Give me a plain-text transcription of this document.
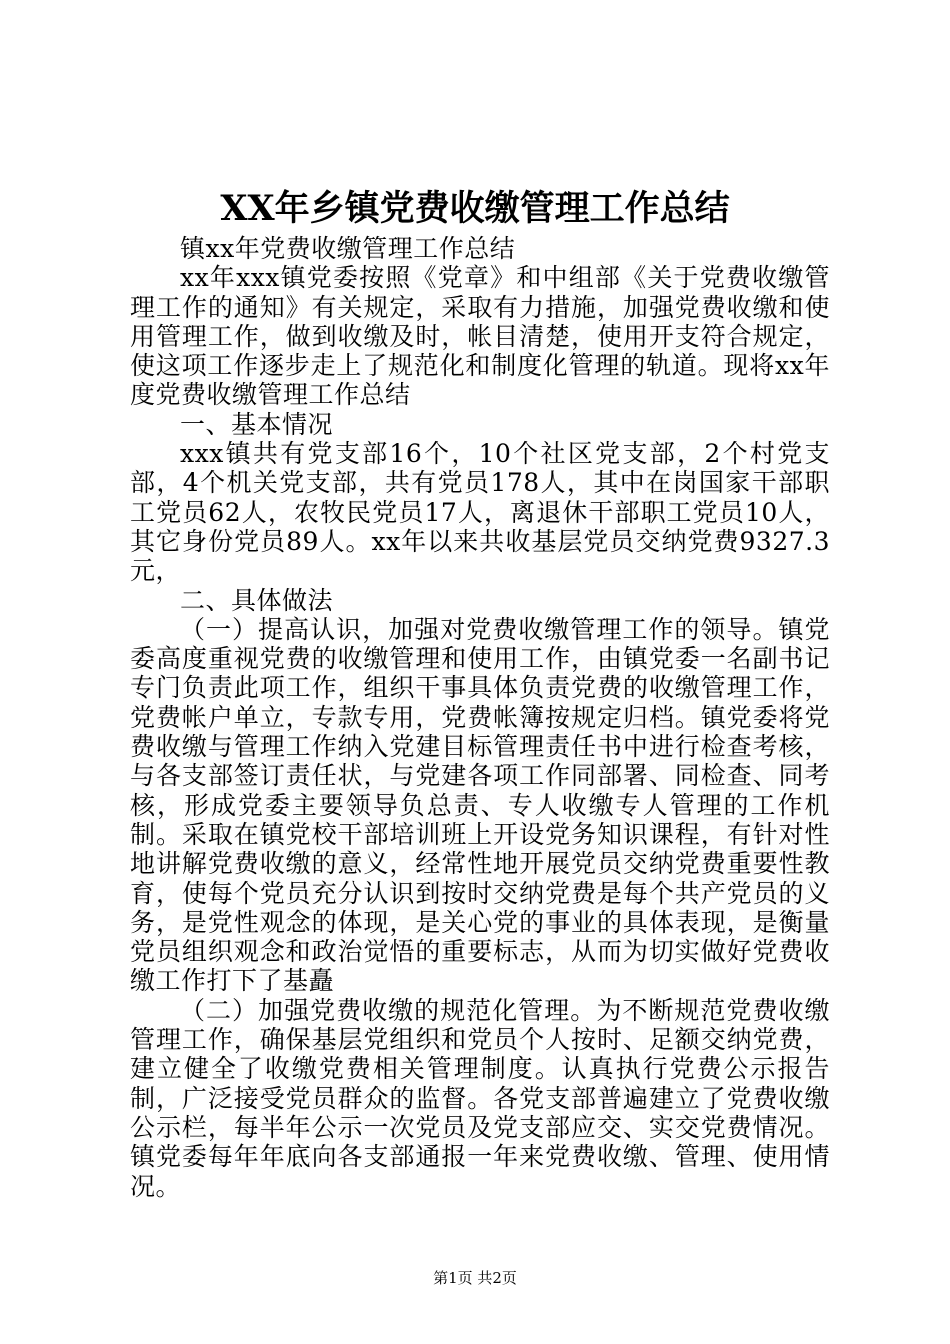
XX年乡镇党费收缴管理工作总结

镇xx年党费收缴管理工作总结

xx年xxx镇党委按照《党章》和中组部《关于党费收缴管理工作的通知》有关规定，采取有力措施，加强党费收缴和使用管理工作，做到收缴及时，帐目清楚，使用开支符合规定，使这项工作逐步走上了规范化和制度化管理的轨道。现将xx年度党费收缴管理工作总结

一、基本情况

xxx镇共有党支部16个，10个社区党支部，2个村党支部，4个机关党支部，共有党员178人，其中在岗国家干部职工党员62人，农牧民党员17人，离退休干部职工党员10人，其它身份党员89人。xx年以来共收基层党员交纳党费9327.3元，

二、具体做法

（一）提高认识，加强对党费收缴管理工作的领导。镇党委高度重视党费的收缴管理和使用工作，由镇党委一名副书记专门负责此项工作，组织干事具体负责党费的收缴管理工作，党费帐户单立，专款专用，党费帐簿按规定归档。镇党委将党费收缴与管理工作纳入党建目标管理责任书中进行检查考核，与各支部签订责任状，与党建各项工作同部署、同检查、同考核，形成党委主要领导负总责、专人收缴专人管理的工作机制。采取在镇党校干部培训班上开设党务知识课程，有针对性地讲解党费收缴的意义，经常性地开展党员交纳党费重要性教育，使每个党员充分认识到按时交纳党费是每个共产党员的义务，是党性观念的体现，是关心党的事业的具体表现，是衡量党员组织观念和政治觉悟的重要标志，从而为切实做好党费收缴工作打下了基矗

（二）加强党费收缴的规范化管理。为不断规范党费收缴管理工作，确保基层党组织和党员个人按时、足额交纳党费，建立健全了收缴党费相关管理制度。认真执行党费公示报告制，广泛接受党员群众的监督。各党支部普遍建立了党费收缴公示栏，每半年公示一次党员及党支部应交、实交党费情况。镇党委每年年底向各支部通报一年来党费收缴、管理、使用情况。

第1页 共2页
